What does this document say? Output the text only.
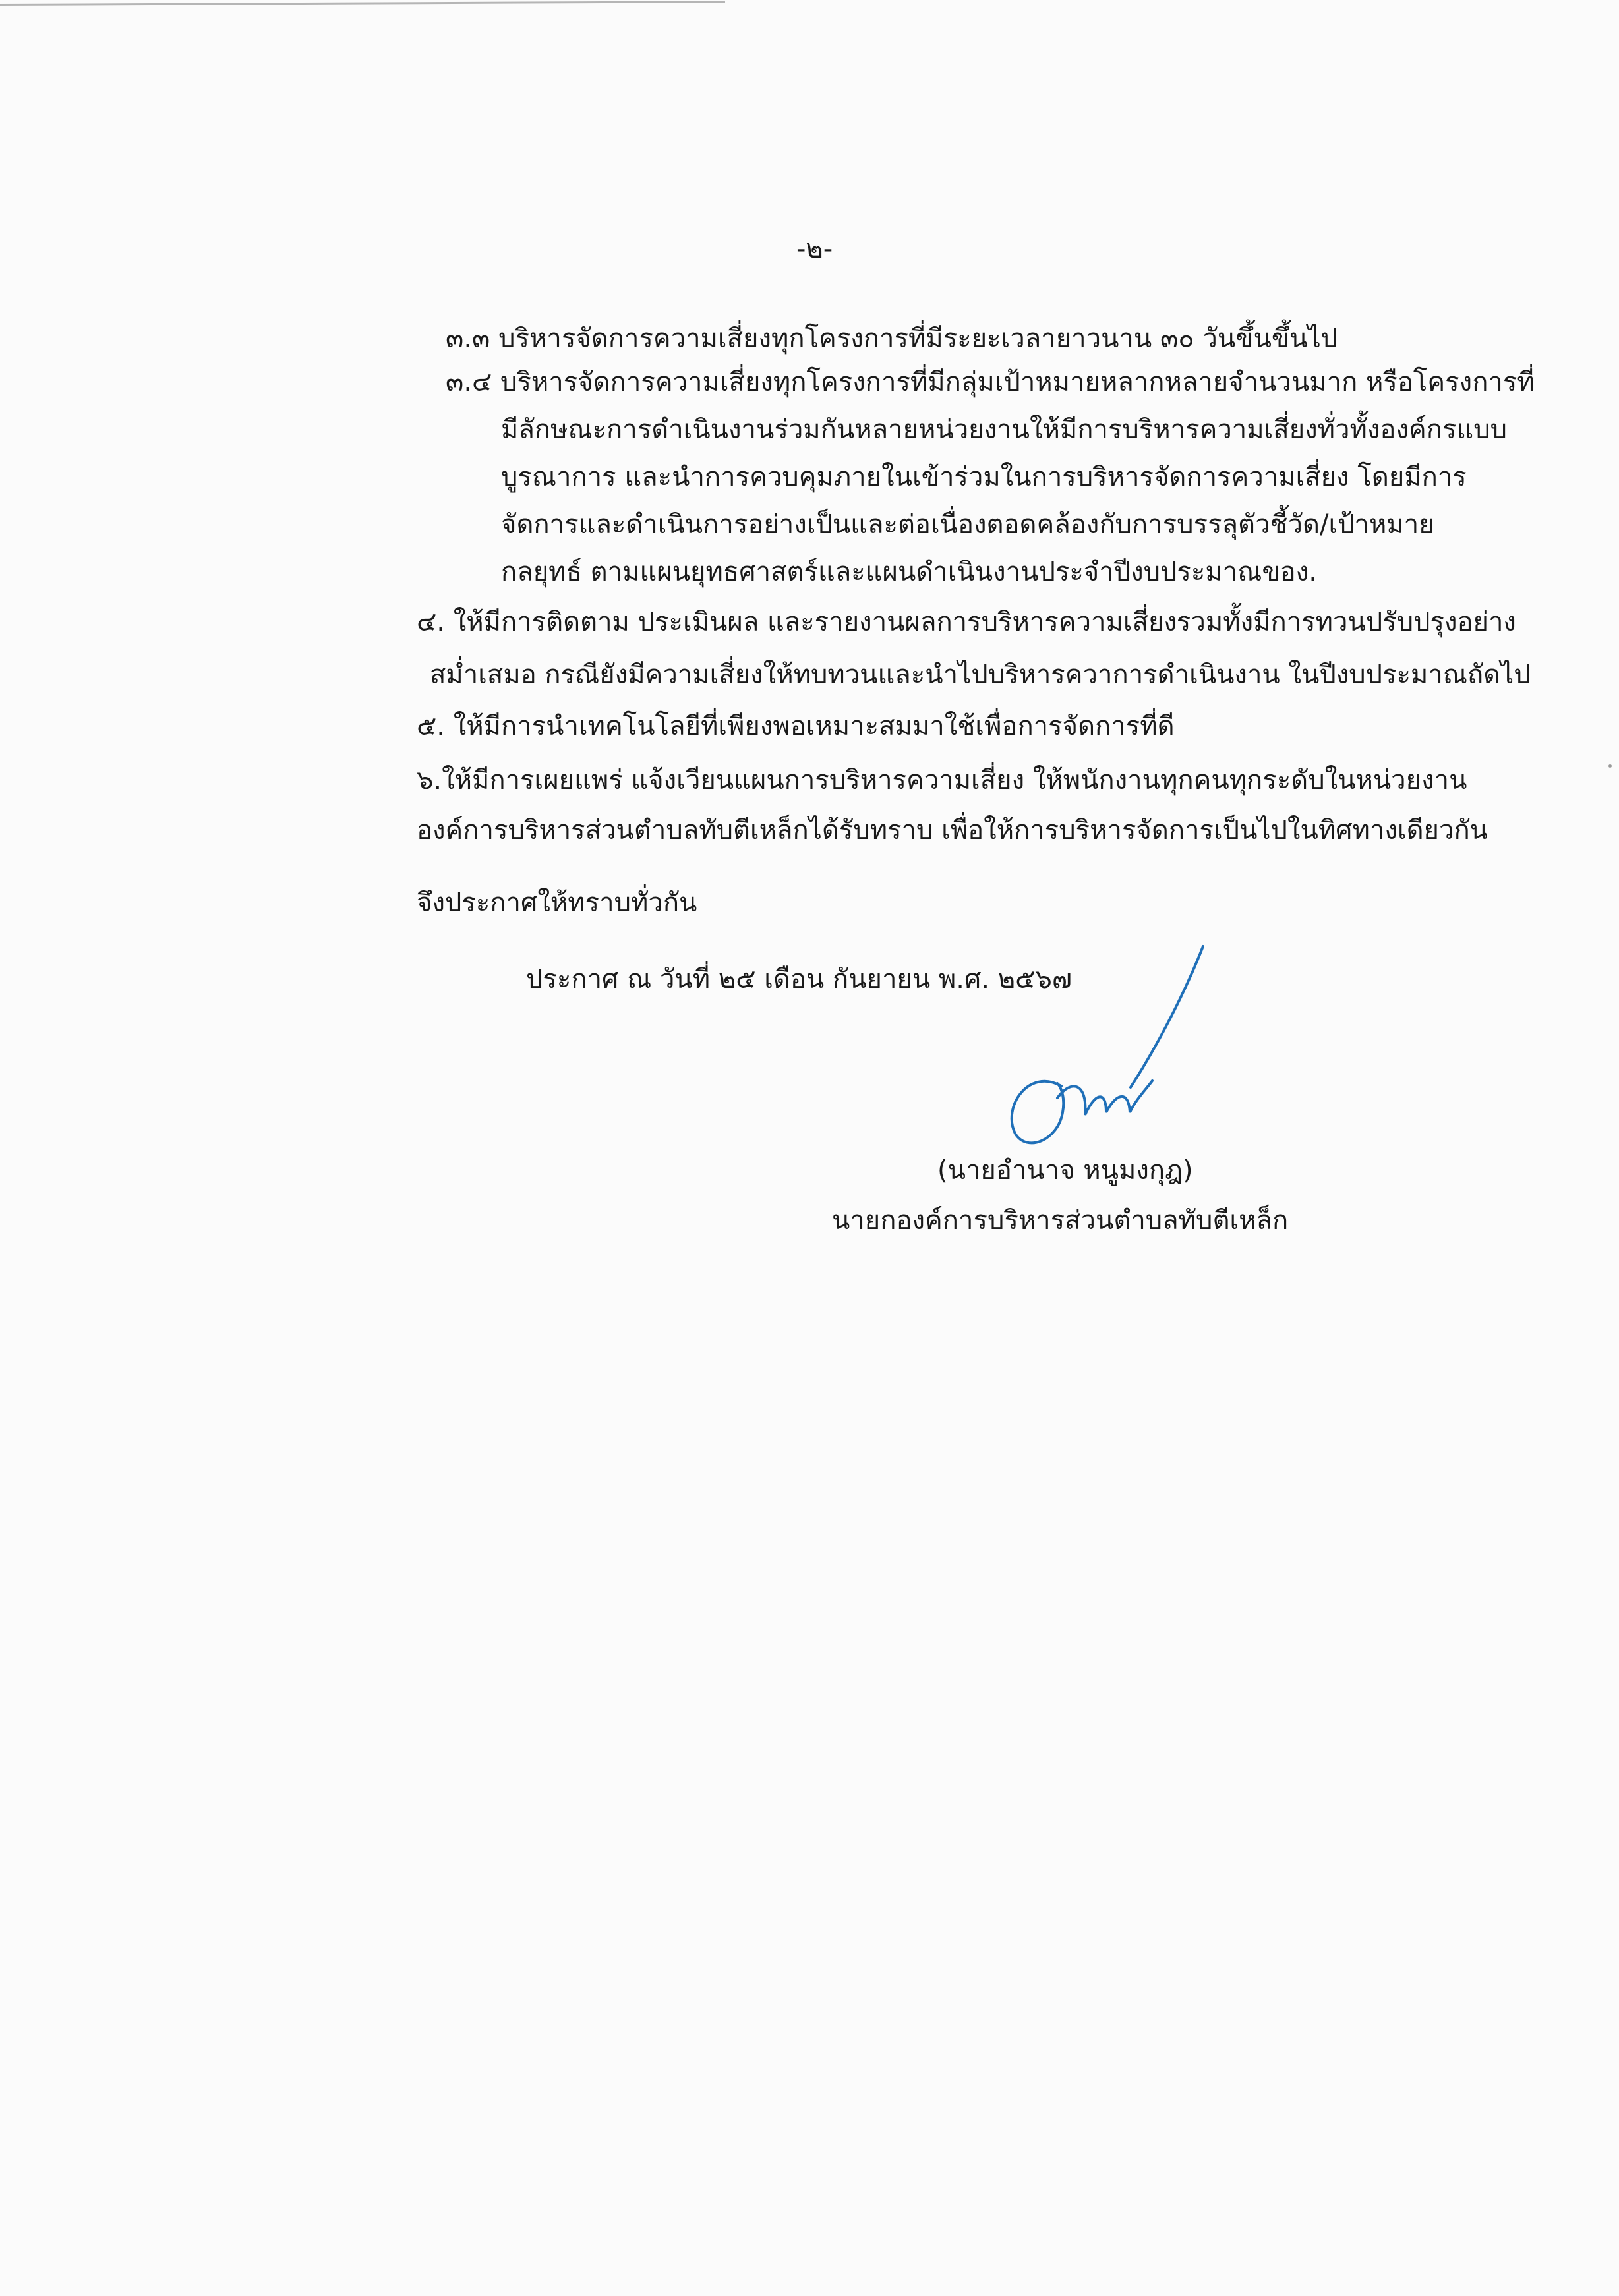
-๒-
๓.๓ บริหารจัดการความเสี่ยงทุกโครงการที่มีระยะเวลายาวนาน ๓๐ วันขึ้นขึ้นไป
๓.๔ บริหารจัดการความเสี่ยงทุกโครงการที่มีกลุ่มเป้าหมายหลากหลายจำนวนมาก หรือโครงการที่
มีลักษณะการดำเนินงานร่วมกันหลายหน่วยงานให้มีการบริหารความเสี่ยงทั่วทั้งองค์กรแบบ
บูรณาการ และนำการควบคุมภายในเข้าร่วมในการบริหารจัดการความเสี่ยง โดยมีการ
จัดการและดำเนินการอย่างเป็นและต่อเนื่องตอดคล้องกับการบรรลุตัวชี้วัด/เป้าหมาย
กลยุทธ์ ตามแผนยุทธศาสตร์และแผนดำเนินงานประจำปีงบประมาณของ.
๔. ให้มีการติดตาม ประเมินผล และรายงานผลการบริหารความเสี่ยงรวมทั้งมีการทวนปรับปรุงอย่าง
สม่ำเสมอ กรณียังมีความเสี่ยงให้ทบทวนและนำไปบริหารควาการดำเนินงาน ในปีงบประมาณถัดไป
๕. ให้มีการนำเทคโนโลยีที่เพียงพอเหมาะสมมาใช้เพื่อการจัดการที่ดี
๖.ให้มีการเผยแพร่ แจ้งเวียนแผนการบริหารความเสี่ยง ให้พนักงานทุกคนทุกระดับในหน่วยงาน
องค์การบริหารส่วนตำบลทับตีเหล็กได้รับทราบ เพื่อให้การบริหารจัดการเป็นไปในทิศทางเดียวกัน
จึงประกาศให้ทราบทั่วกัน
ประกาศ ณ วันที่ ๒๕ เดือน กันยายน พ.ศ. ๒๕๖๗
(นายอำนาจ หนูมงกุฎ)
นายกองค์การบริหารส่วนตำบลทับตีเหล็ก
